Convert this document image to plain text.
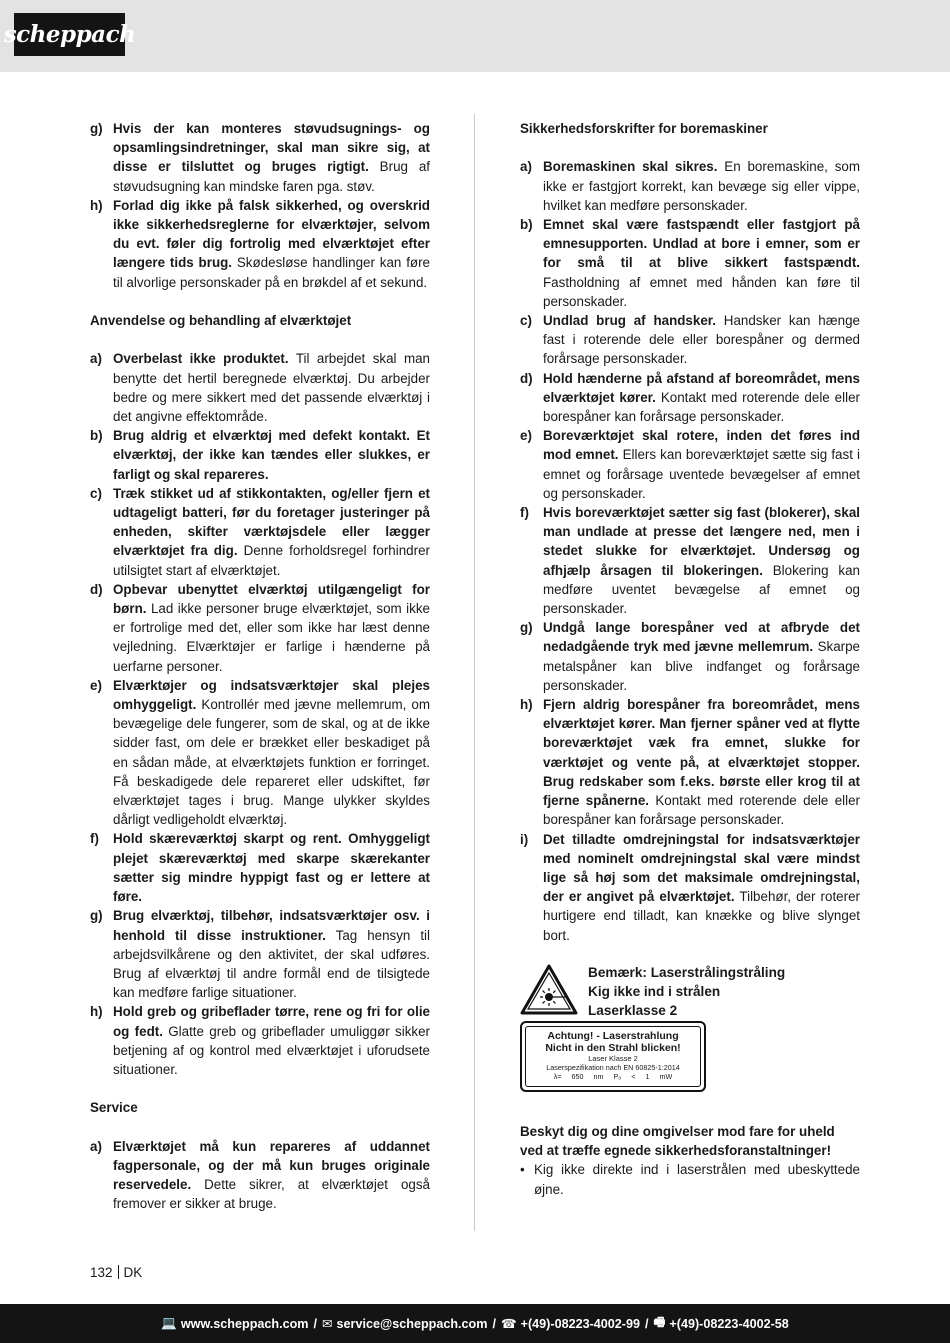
scheppach
g) Hvis der kan monteres støvudsugnings- og opsamlingsindretninger, skal man sikre sig, at disse er tilsluttet og bruges rigtigt. Brug af støvudsugning kan mindske faren pga. støv.
h) Forlad dig ikke på falsk sikkerhed, og overskrid ikke sikkerhedsreglerne for elværktøjer, selvom du evt. føler dig fortrolig med elværktøjet efter længere tids brug. Skødesløse handlinger kan føre til alvorlige personskader på en brøkdel af et sekund.

Anvendelse og behandling af elværktøjet

a) Overbelast ikke produktet. Til arbejdet skal man benytte det hertil beregnede elværktøj. Du arbejder bedre og mere sikkert med det passende elværktøj i det angivne effektområde.
b) Brug aldrig et elværktøj med defekt kontakt. Et elværktøj, der ikke kan tændes eller slukkes, er farligt og skal repareres.
c) Træk stikket ud af stikkontakten, og/eller fjern et udtageligt batteri, før du foretager justeringer på enheden, skifter værktøjsdele eller lægger elværktøjet fra dig. Denne forholdsregel forhindrer utilsigtet start af elværktøjet.
d) Opbevar ubenyttet elværktøj utilgængeligt for børn. Lad ikke personer bruge elværktøjet, som ikke er fortrolige med det, eller som ikke har læst denne vejledning. Elværktøjer er farlige i hænderne på uerfarne personer.
e) Elværktøjer og indsatsværktøjer skal plejes omhyggeligt. Kontrollér med jævne mellemrum, om bevægelige dele fungerer, som de skal, og at de ikke sidder fast, om dele er brækket eller beskadiget på en sådan måde, at elværktøjets funktion er forringet. Få beskadigede dele repareret eller udskiftet, før elværktøjet tages i brug. Mange ulykker skyldes dårligt vedligeholdt elværktøj.
f)	Hold skæreværktøj skarpt og rent. Omhyggeligt plejet skæreværktøj med skarpe skærekanter sætter sig mindre hyppigt fast og er lettere at føre.
g) Brug elværktøj, tilbehør, indsatsværktøjer osv. i henhold til disse instruktioner. Tag hensyn til arbejdsvilkårene og den aktivitet, der skal udføres. Brug af elværktøj til andre formål end de tilsigtede kan medføre farlige situationer.
h) Hold greb og gribeflader tørre, rene og fri for olie og fedt. Glatte greb og gribeflader umuliggør sikker betjening af og kontrol med elværktøjet i uforudsete situationer.

Service

a) Elværktøjet må kun repareres af uddannet fagpersonale, og der må kun bruges originale reservedele. Dette sikrer, at elværktøjet også fremover er sikker at bruge.

Sikkerhedsforskrifter for boremaskiner

a) Boremaskinen skal sikres. En boremaskine, som ikke er fastgjort korrekt, kan bevæge sig eller vippe, hvilket kan medføre personskader.
b) Emnet skal være fastspændt eller fastgjort på emnesupporten. Undlad at bore i emner, som er for små til at blive sikkert fastspændt. Fastholdning af emnet med hånden kan føre til personskader.
c) Undlad brug af handsker. Handsker kan hænge fast i roterende dele eller borespåner og dermed forårsage personskader.
d) Hold hænderne på afstand af boreområdet, mens elværktøjet kører. Kontakt med roterende dele eller borespåner kan forårsage personskader.
e) Boreværktøjet skal rotere, inden det føres ind mod emnet. Ellers kan boreværktøjet sætte sig fast i emnet og forårsage uventede bevægelser af emnet og personskader.
f)	Hvis boreværktøjet sætter sig fast (blokerer), skal man undlade at presse det længere ned, men i stedet slukke for elværktøjet. Undersøg og afhjælp årsagen til blokeringen. Blokering kan medføre uventet bevægelse af emnet og personskader.
g) Undgå lange borespåner ved at afbryde det nedadgående tryk med jævne mellemrum. Skarpe metalspåner kan blive indfanget og forårsage personskader.
h) Fjern aldrig borespåner fra boreområdet, mens elværktøjet kører. Man fjerner spåner ved at flytte boreværktøjet væk fra emnet, slukke for værktøjet og vente på, at elværktøjet stopper. Brug redskaber som f.eks. børste eller krog til at fjerne spånerne. Kontakt med roterende dele eller borespåner kan forårsage personskader.
i)	Det tilladte omdrejningstal for indsatsværktøjer med nominelt omdrejningstal skal være mindst lige så høj som det maksimale omdrejningstal, der er angivet på elværktøjet. Tilbehør, der roterer hurtigere end tilladt, kan knække og blive slynget bort.
Bemærk: Laserstrålingstråling
Kig ikke ind i strålen
Laserklasse 2
Achtung! - Laserstrahlung
Nicht in den Strahl blicken!
Laser Klasse 2
Laserspezifikation nach EN 60825-1:2014
λ= 650 nm P₀ < 1 mW

Beskyt dig og dine omgivelser mod fare for uheld ved at træffe egnede sikkerhedsforanstaltninger!

• Kig ikke direkte ind i laserstrålen med ubeskyttede øjne.
132 DK
💻 www.scheppach.com / ✉ service@scheppach.com / ☎ +(49)-08223-4002-99 / 🖷 +(49)-08223-4002-58
